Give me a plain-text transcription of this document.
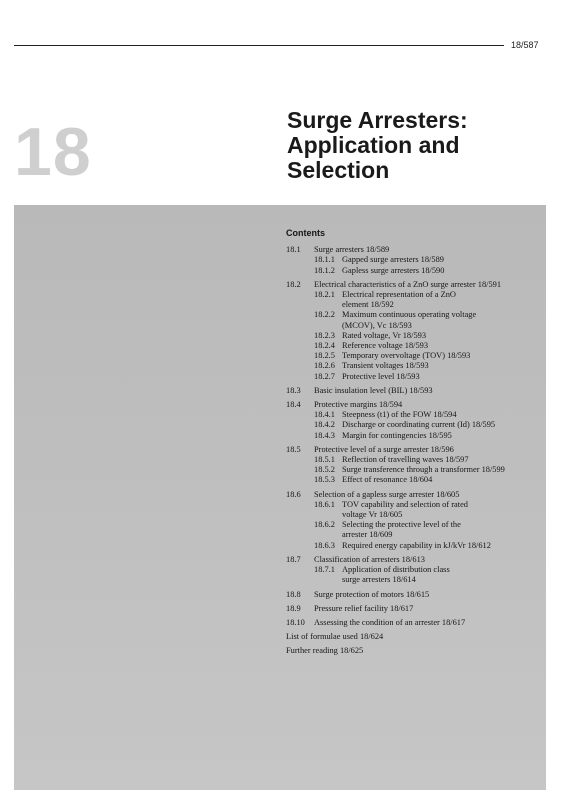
18/587
18	Surge Arresters:
Application and
Selection
Contents
18.1 Surge arresters 18/589
18.1.1 Gapped surge arresters 18/589
18.1.2 Gapless surge arresters 18/590
18.2 Electrical characteristics of a ZnO surge arrester 18/591
18.2.1 Electrical representation of a ZnO
element 18/592
18.2.2 Maximum continuous operating voltage
(MCOV), Vc 18/593
18.2.3 Rated voltage, Vr 18/593
18.2.4 Reference voltage 18/593
18.2.5 Temporary overvoltage (TOV) 18/593
18.2.6 Transient voltages 18/593
18.2.7 Protective level 18/593
18.3 Basic insulation level (BIL) 18/593
18.4 Protective margins 18/594
18.4.1 Steepness (t1) of the FOW 18/594
18.4.2 Discharge or coordinating current (Id) 18/595
18.4.3 Margin for contingencies 18/595
18.5 Protective level of a surge arrester 18/596
18.5.1 Reflection of travelling waves 18/597
18.5.2 Surge transference through a transformer 18/599
18.5.3 Effect of resonance 18/604
18.6 Selection of a gapless surge arrester 18/605
18.6.1 TOV capability and selection of rated
voltage Vr 18/605
18.6.2 Selecting the protective level of the
arrester 18/609
18.6.3 Required energy capability in kJ/kVr 18/612
18.7 Classification of arresters 18/613
18.7.1 Application of distribution class
surge arresters 18/614
18.8 Surge protection of motors 18/615
18.9 Pressure relief facility 18/617
18.10 Assessing the condition of an arrester 18/617
List of formulae used 18/624
Further reading 18/625
